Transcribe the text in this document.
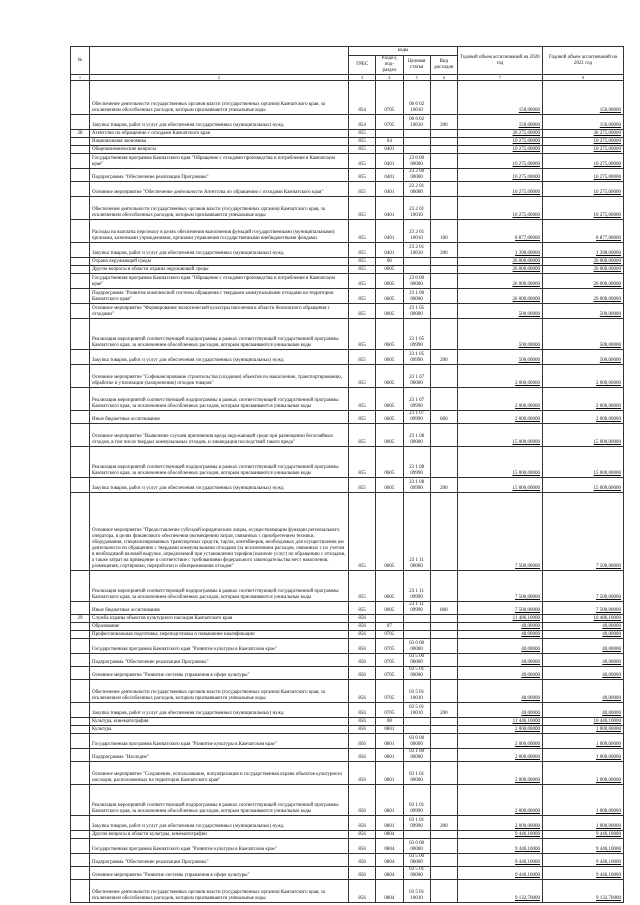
№		коды				Годовой объем ассигнований на 2020 год	Годовой объем ассигнований на 2021 год
		ГРБС	Раздел, под-раздел	Целевая статья	Вид расходов		
1	2	3	4	5	6	7	8
	Обеспечение деятельности государственных органов власти (государственных органов) Камчатского края, за исключением обособленных расходов, которым присваиваются уникальные коды	854	0705	06 6 02 10010		150,00000	150,00000
	Закупка товаров, работ и услуг для обеспечения государственных (муниципальных) нужд	854	0705	06 6 02 10010	200	150,00000	150,00000
28	Агентство по обращению с отходами Камчатского края	855				36 275,00000	36 275,00000
	Национальная экономика	855	04			10 275,00000	10 275,00000
	Общеэкономические вопросы	855	0401			10 275,00000	10 275,00000
	Государственная программа Камчатского края "Обращение с отходами производства и потребления в Камчатском крае"	855	0401	23 0 00 00000		10 275,00000	10 275,00000
	Подпрограмма "Обеспечение реализации Программы"	855	0401	23 2 00 00000		10 275,00000	10 275,00000
	Основное мероприятие "Обеспечение деятельности Агентства по обращению с отходами Камчатского края"	855	0401	23 2 01 00000		10 275,00000	10 275,00000
	Обеспечение деятельности государственных органов власти (государственных органов) Камчатского края, за исключением обособленных расходов, которым присваиваются уникальные коды	855	0401	23 2 01 10010		10 275,00000	10 275,00000
	Расходы на выплаты персоналу в целях обеспечения выполнения функций государственными (муниципальными) органами, казенными учреждениями, органами управления государственными внебюджетными фондами	855	0401	23 2 01 10010	100	8 877,00000	8 877,00000
	Закупка товаров, работ и услуг для обеспечения государственных (муниципальных) нужд	855	0401	23 2 01 10010	200	1 398,00000	1 398,00000
	Охрана окружающей среды	855	06			26 000,00000	26 000,00000
	Другие вопросы в области охраны окружающей среды	855	0605			26 000,00000	26 000,00000
	Государственная программа Камчатского края "Обращение с отходами производства и потребления в Камчатском крае"	855	0605	23 0 00 00000		26 000,00000	26 000,00000
	Подпрограмма "Развитие комплексной системы обращения с твердыми коммунальными отходами на территории Камчатского края"	855	0605	23 1 00 00000		26 000,00000	26 000,00000
	Основное мероприятие "Формирование экологической культуры населения в области безопасного обращения с отходами"	855	0605	23 1 05 00000		500,00000	500,00000
	Реализация мероприятий соответствующей подпрограммы в рамках соответствующей государственной программы Камчатского края, за исключением обособленных расходов, которым присваиваются уникальные коды	855	0605	23 1 05 09990		500,00000	500,00000
	Закупка товаров, работ и услуг для обеспечения государственных (муниципальных) нужд	855	0605	23 1 05 09990	200	500,00000	500,00000
	Основное мероприятие "Софинансирование строительства (создания) объектов по накоплению, транспортированию, обработке и утилизации (захоронению) отходов товаров"	855	0605	23 1 07 00000		2 000,00000	2 000,00000
	Реализация мероприятий соответствующей подпрограммы в рамках соответствующей государственной программы Камчатского края, за исключением обособленных расходов, которым присваиваются уникальные коды	855	0605	23 1 07 09990		2 000,00000	2 000,00000
	Иные бюджетные ассигнования	855	0605	23 1 07 09990	800	2 000,00000	2 000,00000
	Основное мероприятие "Выявление случаев причинения вреда окружающей среде при размещении бесхозяйных отходов, в том числе твердых коммунальных отходов, и ликвидация последствий такого вреда"	855	0605	23 1 08 00000		15 000,00000	15 000,00000
	Реализация мероприятий соответствующей подпрограммы в рамках соответствующей государственной программы Камчатского края, за исключением обособленных расходов, которым присваиваются уникальные коды	855	0605	23 1 08 09990		15 000,00000	15 000,00000
	Закупка товаров, работ и услуг для обеспечения государственных (муниципальных) нужд	855	0605	23 1 08 09990	200	15 000,00000	15 000,00000
	Основное мероприятие "Предоставление субсидий юридическим лицам, осуществляющим функции регионального оператора, в целях финансового обеспечения (возмещения) затрат, связанных с приобретением техники, оборудования, специализированных транспортных средств, тар/ок, контейнеров, необходимых для осуществления им деятельности по обращению с твердыми коммунальными отходами (за исключением расходов, связанных с их учетом в необходимой валовой выручке, определяемой при установлении тарифов (наличие услуг) по обращению с отходами, а также затрат на приведение в соответствие с требованиями федерального законодательства мест накопления, размещения, сортировки, переработки и обезвреживания отходов"	855	0605	23 1 11 00000		7 500,00000	7 500,00000
	Реализация мероприятий соответствующей подпрограммы в рамках соответствующей государственной программы Камчатского края, за исключением обособленных расходов, которым присваиваются уникальные коды	855	0605	23 1 11 09990		7 500,00000	7 500,00000
	Иные бюджетные ассигнования	855	0605	23 1 11 09990	800	7 500,00000	7 500,00000
29	Служба охраны объектов культурного наследия Камчатского края	856				11 486,10000	10 486,10000
	Образование	856	07			40,00000	40,00000
	Профессиональная подготовка, переподготовка и повышение квалификации	856	0705			40,00000	40,00000
	Государственная программа Камчатского края "Развитие культуры в Камчатском крае"	856	0705	03 0 00 00000		40,00000	40,00000
	Подпрограмма "Обеспечение реализации Программы"	856	0705	03 5 00 00000		40,00000	40,00000
	Основное мероприятие "Развитие системы управления в сфере культуры"	856	0705	03 5 01 00000		40,00000	40,00000
	Обеспечение деятельности государственных органов власти (государственных органов) Камчатского края, за исключением обособленных расходов, которым присваиваются уникальные коды	856	0705	03 5 01 10010		40,00000	40,00000
	Закупка товаров, работ и услуг для обеспечения государственных (муниципальных) нужд	856	0705	03 5 01 10010	200	40,00000	40,00000
	Культура, кинематография	856	08			11 446,10000	10 446,10000
	Культура	856	0801			2 000,00000	1 000,00000
	Государственная программа Камчатского края "Развитие культуры в Камчатском крае"	856	0801	03 0 00 00000		2 000,00000	1 000,00000
	Подпрограмма "Наследие"	856	0801	03 1 00 00000		2 000,00000	1 000,00000
	Основное мероприятие "Сохранение, использование, популяризация и государственная охрана объектов культурного наследия, расположенных на территории Камчатского края"	856	0801	03 1 01 00000		2 000,00000	1 000,00000
	Реализация мероприятий соответствующей подпрограммы в рамках соответствующей государственной программы Камчатского края, за исключением обособленных расходов, которым присваиваются уникальные коды	856	0801	03 1 01 09990		2 000,00000	1 000,00000
	Закупка товаров, работ и услуг для обеспечения государственных (муниципальных) нужд	856	0801	03 1 01 09990	200	2 000,00000	1 000,00000
	Другие вопросы в области культуры, кинематографии	856	0804			9 446,10000	9 446,10000
	Государственная программа Камчатского края "Развитие культуры в Камчатском крае"	856	0804	03 0 00 00000		9 446,10000	9 446,10000
	Подпрограмма "Обеспечение реализации Программы"	856	0804	03 5 00 00000		9 446,10000	9 446,10000
	Основное мероприятие "Развитие системы управления в сфере культуры"	856	0804	03 5 01 00000		9 446,10000	9 446,10000
	Обеспечение деятельности государственных органов власти (государственных органов) Камчатского края, за исключением обособленных расходов, которым присваиваются уникальные коды	856	0804	03 5 01 10010		9 132,70000	9 132,70000
